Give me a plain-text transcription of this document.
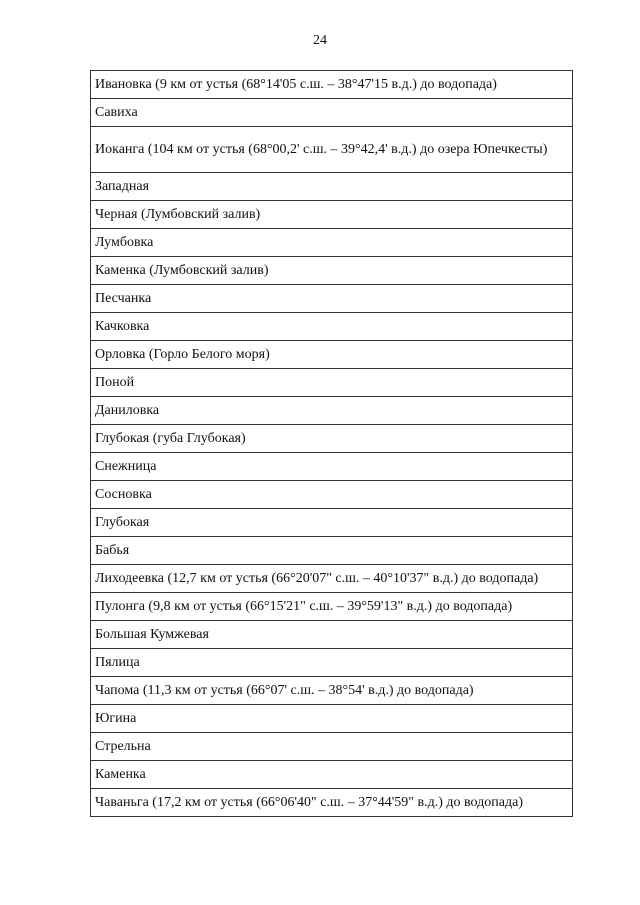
24
Ивановка (9 км от устья (68°14'05 с.ш. – 38°47'15 в.д.) до водопада)
Савиха
Иоканга (104 км от устья (68°00,2' с.ш. – 39°42,4' в.д.) до озера Юпечкесты)
Западная
Черная (Лумбовский залив)
Лумбовка
Каменка (Лумбовский залив)
Песчанка
Качковка
Орловка (Горло Белого моря)
Поной
Даниловка
Глубокая (губа Глубокая)
Снежница
Сосновка
Глубокая
Бабья
Лиходеевка (12,7 км от устья (66°20'07" с.ш. – 40°10'37" в.д.) до водопада)
Пулонга (9,8 км от устья (66°15'21" с.ш. – 39°59'13" в.д.) до водопада)
Большая Кумжевая
Пялица
Чапома (11,3 км от устья (66°07' с.ш. – 38°54' в.д.) до водопада)
Югина
Стрельна
Каменка
Чаваньга (17,2 км от устья (66°06'40" с.ш. – 37°44'59" в.д.) до водопада)
